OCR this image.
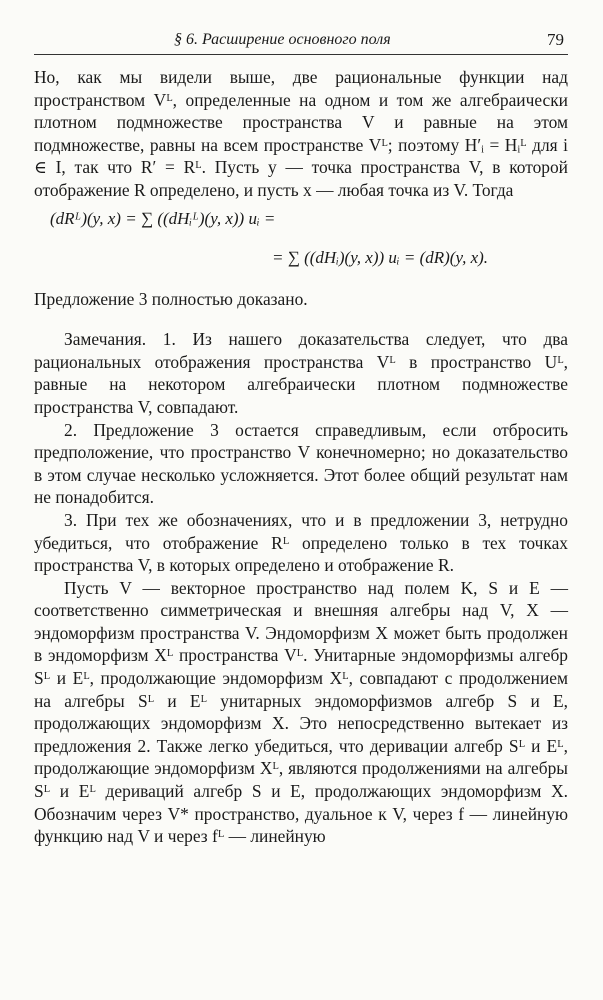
§ 6. Расширение основного поля	79

Но, как мы видели выше, две рациональные функции над пространством Vᴸ, определенные на одном и том же алгебраически плотном подмножестве пространства V и равные на этом подмножестве, равны на всем пространстве Vᴸ; поэтому H′ᵢ = Hᵢᴸ для i ∈ I, так что R′ = Rᴸ. Пусть y — точка пространства V, в которой отображение R определено, и пусть x — любая точка из V. Тогда

(dRᴸ)(y, x) = ∑ ((dHᵢᴸ)(y, x)) uᵢ =
= ∑ ((dHᵢ)(y, x)) uᵢ = (dR)(y, x).

Предложение 3 полностью доказано.

Замечания. 1. Из нашего доказательства следует, что два рациональных отображения пространства Vᴸ в пространство Uᴸ, равные на некотором алгебраически плотном подмножестве пространства V, совпадают.

2. Предложение 3 остается справедливым, если отбросить предположение, что пространство V конечномерно; но доказательство в этом случае несколько усложняется. Этот более общий результат нам не понадобится.

3. При тех же обозначениях, что и в предложении 3, нетрудно убедиться, что отображение Rᴸ определено только в тех точках пространства V, в которых определено и отображение R.

Пусть V — векторное пространство над полем K, S и E — соответственно симметрическая и внешняя алгебры над V, X — эндоморфизм пространства V. Эндоморфизм X может быть продолжен в эндоморфизм Xᴸ пространства Vᴸ. Унитарные эндоморфизмы алгебр Sᴸ и Eᴸ, продолжающие эндоморфизм Xᴸ, совпадают с продолжением на алгебры Sᴸ и Eᴸ унитарных эндоморфизмов алгебр S и E, продолжающих эндоморфизм X. Это непосредственно вытекает из предложения 2. Также легко убедиться, что деривации алгебр Sᴸ и Eᴸ, продолжающие эндоморфизм Xᴸ, являются продолжениями на алгебры Sᴸ и Eᴸ дериваций алгебр S и E, продолжающих эндоморфизм X. Обозначим через V* пространство, дуальное к V, через f — линейную функцию над V и через fᴸ — линейную
